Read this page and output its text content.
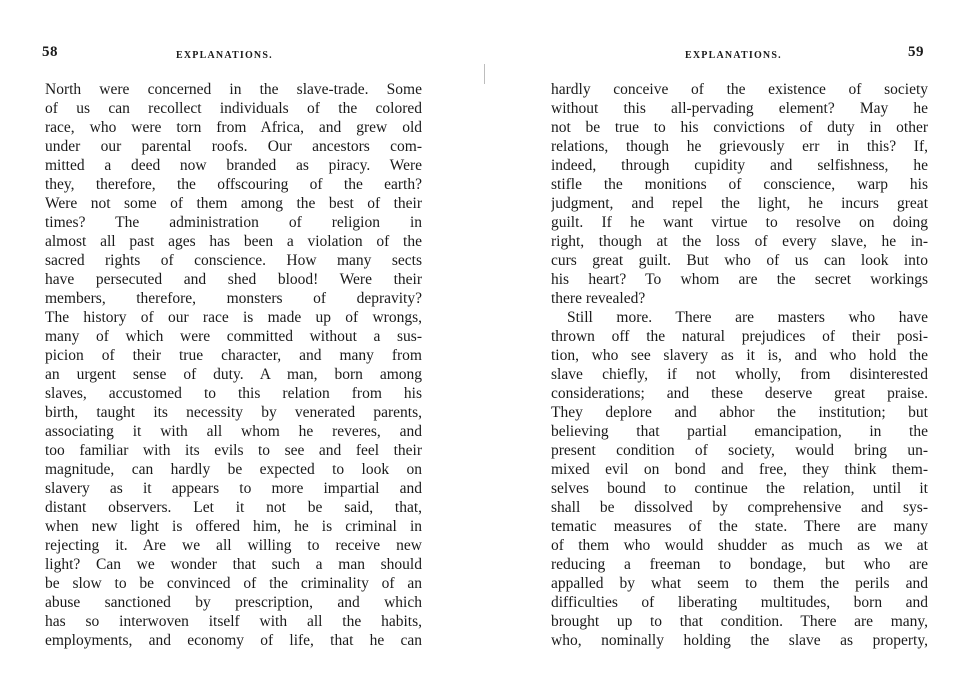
58	EXPLANATIONS.
North were concerned in the slave-trade. Some
of us can recollect individuals of the colored
race, who were torn from Africa, and grew old
under our parental roofs. Our ancestors com-
mitted a deed now branded as piracy. Were
they, therefore, the offscouring of the earth?
Were not some of them among the best of their
times? The administration of religion in
almost all past ages has been a violation of the
sacred rights of conscience. How many sects
have persecuted and shed blood! Were their
members, therefore, monsters of depravity?
The history of our race is made up of wrongs,
many of which were committed without a sus-
picion of their true character, and many from
an urgent sense of duty. A man, born among
slaves, accustomed to this relation from his
birth, taught its necessity by venerated parents,
associating it with all whom he reveres, and
too familiar with its evils to see and feel their
magnitude, can hardly be expected to look on
slavery as it appears to more impartial and
distant observers. Let it not be said, that,
when new light is offered him, he is criminal in
rejecting it. Are we all willing to receive new
light? Can we wonder that such a man should
be slow to be convinced of the criminality of an
abuse sanctioned by prescription, and which
has so interwoven itself with all the habits,
employments, and economy of life, that he can
EXPLANATIONS.	59
hardly conceive of the existence of society
without this all-pervading element? May he
not be true to his convictions of duty in other
relations, though he grievously err in this? If,
indeed, through cupidity and selfishness, he
stifle the monitions of conscience, warp his
judgment, and repel the light, he incurs great
guilt. If he want virtue to resolve on doing
right, though at the loss of every slave, he in-
curs great guilt. But who of us can look into
his heart? To whom are the secret workings
there revealed?
Still more. There are masters who have
thrown off the natural prejudices of their posi-
tion, who see slavery as it is, and who hold the
slave chiefly, if not wholly, from disinterested
considerations; and these deserve great praise.
They deplore and abhor the institution; but
believing that partial emancipation, in the
present condition of society, would bring un-
mixed evil on bond and free, they think them-
selves bound to continue the relation, until it
shall be dissolved by comprehensive and sys-
tematic measures of the state. There are many
of them who would shudder as much as we at
reducing a freeman to bondage, but who are
appalled by what seem to them the perils and
difficulties of liberating multitudes, born and
brought up to that condition. There are many,
who, nominally holding the slave as property,
